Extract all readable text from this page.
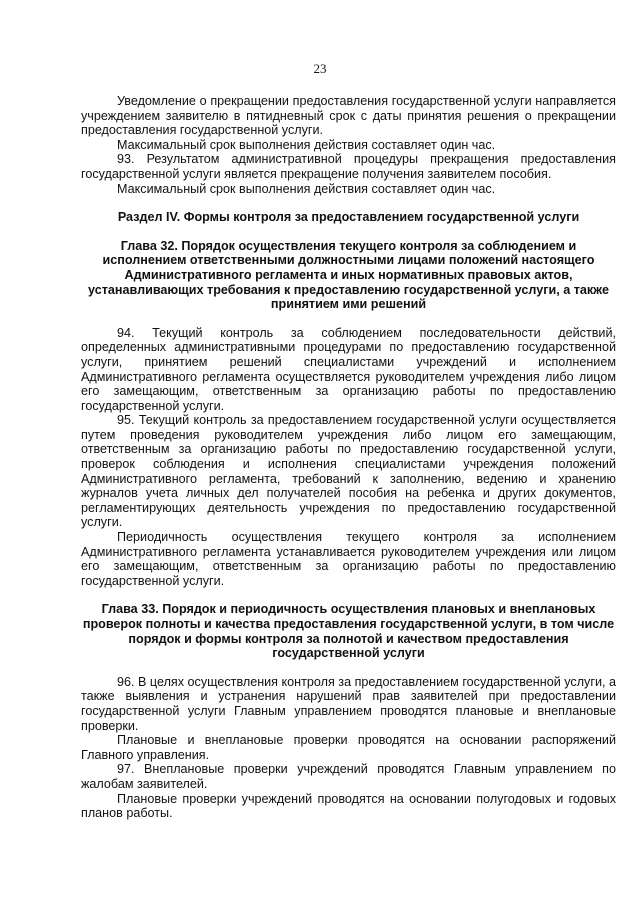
23

Уведомление о прекращении предоставления государственной услуги направляется учреждением заявителю в пятидневный срок с даты принятия решения о прекращении предоставления государственной услуги.

Максимальный срок выполнения действия составляет один час.

93. Результатом административной процедуры прекращения предоставления государственной услуги является прекращение получения заявителем пособия.

Максимальный срок выполнения действия составляет один час.

Раздел IV. Формы контроля за предоставлением государственной услуги
Глава 32. Порядок осуществления текущего контроля за соблюдением и исполнением ответственными должностными лицами положений настоящего Административного регламента и иных нормативных правовых актов, устанавливающих требования к предоставлению государственной услуги, а также принятием ими решений

94. Текущий контроль за соблюдением последовательности действий, определенных административными процедурами по предоставлению государственной услуги, принятием решений специалистами учреждений и исполнением Административного регламента осуществляется руководителем учреждения либо лицом его замещающим, ответственным за организацию работы по предоставлению государственной услуги.

95. Текущий контроль за предоставлением государственной услуги осуществляется путем проведения руководителем учреждения либо лицом его замещающим, ответственным за организацию работы по предоставлению государственной услуги, проверок соблюдения и исполнения специалистами учреждения положений Административного регламента, требований к заполнению, ведению и хранению журналов учета личных дел получателей пособия на ребенка и других документов, регламентирующих деятельность учреждения по предоставлению государственной услуги.

Периодичность осуществления текущего контроля за исполнением Административного регламента устанавливается руководителем учреждения или лицом его замещающим, ответственным за организацию работы по предоставлению государственной услуги.

Глава 33. Порядок и периодичность осуществления плановых и внеплановых проверок полноты и качества предоставления государственной услуги, в том числе порядок и формы контроля за полнотой и качеством предоставления государственной услуги

96. В целях осуществления контроля за предоставлением государственной услуги, а также выявления и устранения нарушений прав заявителей при предоставлении государственной услуги Главным управлением проводятся плановые и внеплановые проверки.

Плановые и внеплановые проверки проводятся на основании распоряжений Главного управления.

97. Внеплановые проверки учреждений проводятся Главным управлением по жалобам заявителей.

Плановые проверки учреждений проводятся на основании полугодовых и годовых планов работы.
